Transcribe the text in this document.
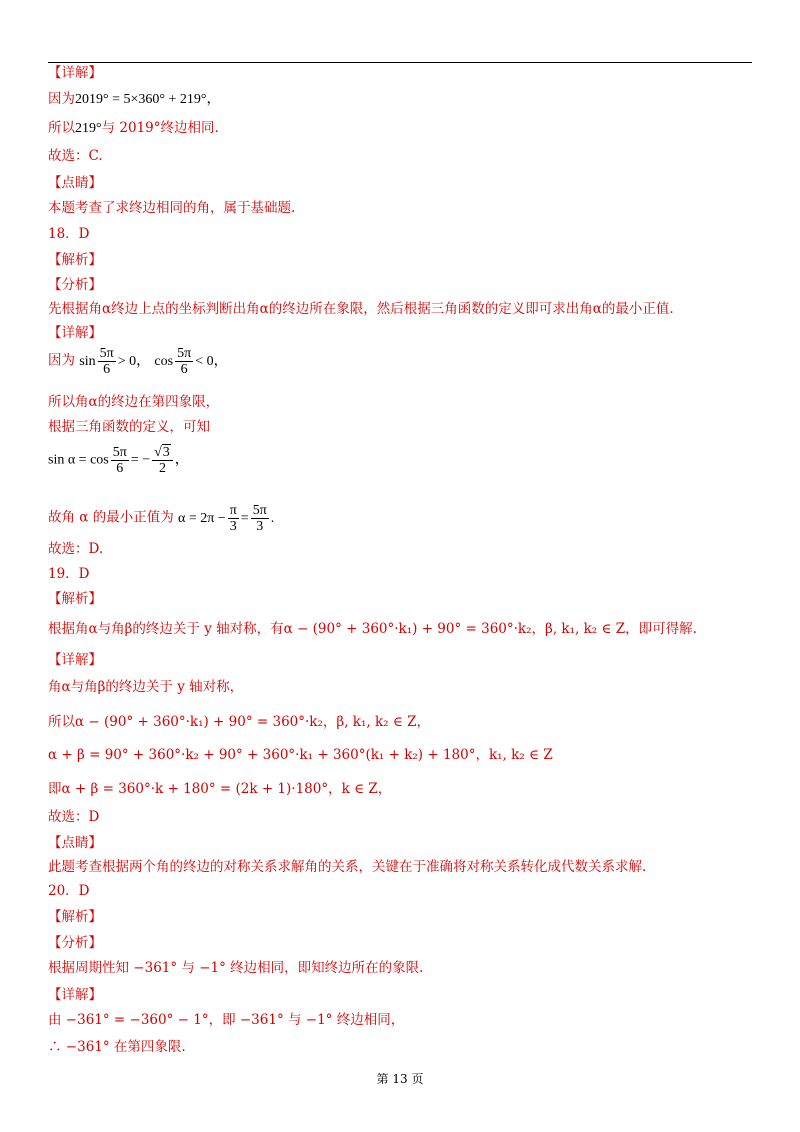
【详解】
因为2019° = 5×360° + 219°，
所以219°与 2019°终边相同.
故选：C.
【点睛】
本题考查了求终边相同的角，属于基础题.
18．D
【解析】
【分析】
先根据角α终边上点的坐标判断出角α的终边所在象限，然后根据三角函数的定义即可求出角α的最小正值.
【详解】
因为 $\sin \frac{5\pi}{6} > 0$， $\cos \frac{5\pi}{6} < 0$，
所以角α的终边在第四象限，
根据三角函数的定义，可知
$\sin \alpha = \cos \frac{5\pi}{6}$ = − $\frac{√3}{2}$ ，
故角 α 的最小正值为 $\alpha = 2\pi - \frac{\pi}{3} = \frac{5\pi}{3}$ .
故选：D.
19．D
【解析】
根据角α与角β的终边关于 y 轴对称，有α − (90° + 360°·k₁) + 90° = 360°·k₂，β, k₁, k₂ ∈ Z，即可得解.
【详解】
角α与角β的终边关于 y 轴对称，
所以α − (90° + 360°·k₁) + 90° = 360°·k₂，β, k₁, k₂ ∈ Z，
α + β = 90° + 360°·k₂ + 90° + 360°·k₁ + 360°(k₁ + k₂) + 180°，k₁, k₂ ∈ Z
即α + β = 360°·k + 180° = (2k + 1)·180°，k ∈ Z，
故选：D
【点睛】
此题考查根据两个角的终边的对称关系求解角的关系，关键在于准确将对称关系转化成代数关系求解.
20．D
【解析】
【分析】
根据周期性知 −361° 与 −1° 终边相同，即知终边所在的象限.
【详解】
由 −361° = −360° − 1°，即 −361° 与 −1° 终边相同，
∴ −361° 在第四象限.
第 13 页
